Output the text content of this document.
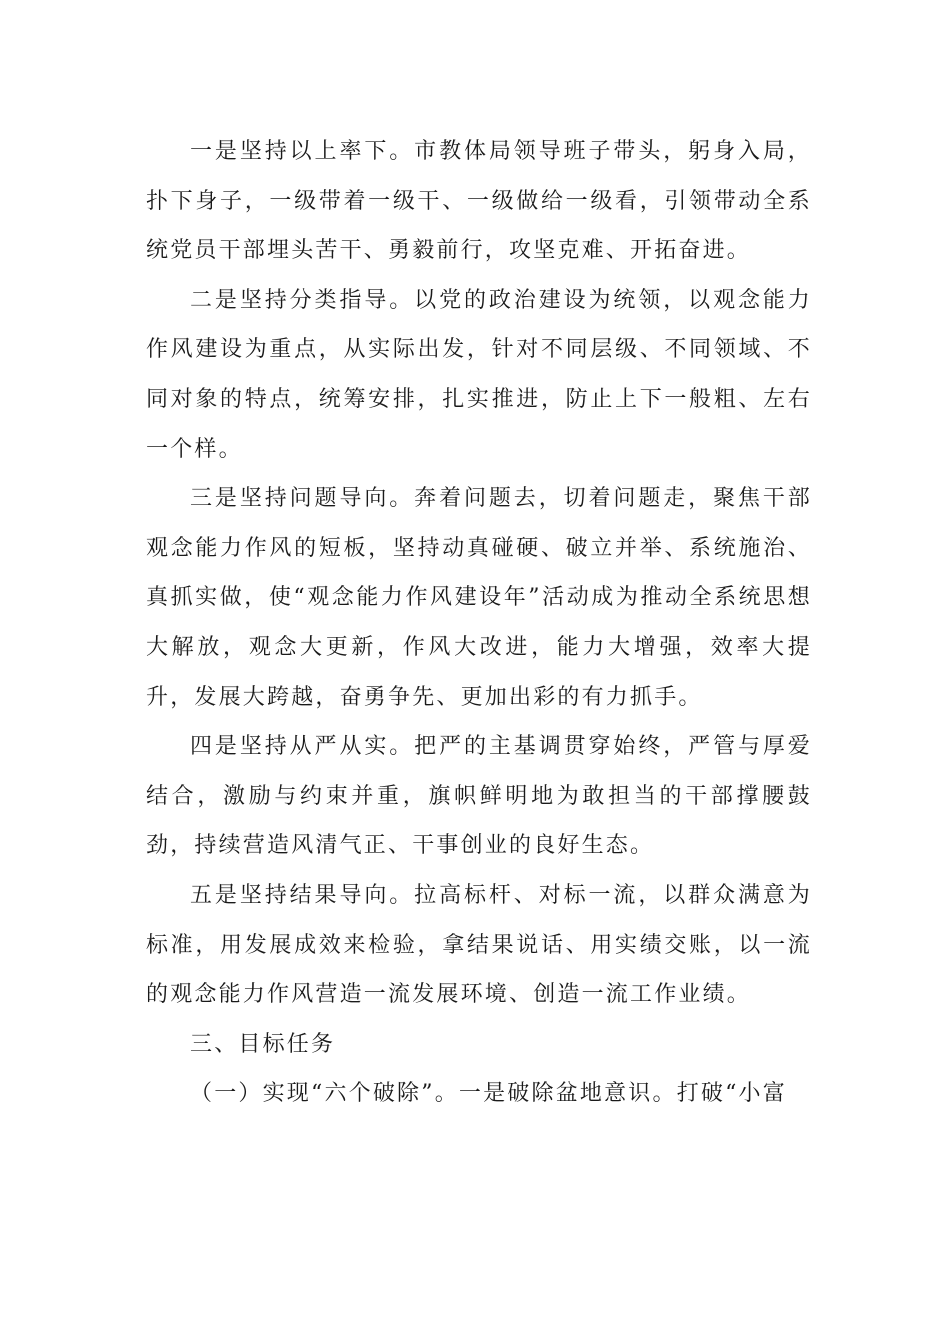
一是坚持以上率下。市教体局领导班子带头，躬身入局，扑下身子，一级带着一级干、一级做给一级看，引领带动全系统党员干部埋头苦干、勇毅前行，攻坚克难、开拓奋进。

二是坚持分类指导。以党的政治建设为统领，以观念能力作风建设为重点，从实际出发，针对不同层级、不同领域、不同对象的特点，统筹安排，扎实推进，防止上下一般粗、左右一个样。

三是坚持问题导向。奔着问题去，切着问题走，聚焦干部观念能力作风的短板，坚持动真碰硬、破立并举、系统施治、真抓实做，使“观念能力作风建设年”活动成为推动全系统思想大解放，观念大更新，作风大改进，能力大增强，效率大提升，发展大跨越，奋勇争先、更加出彩的有力抓手。

四是坚持从严从实。把严的主基调贯穿始终，严管与厚爱结合，激励与约束并重，旗帜鲜明地为敢担当的干部撑腰鼓劲，持续营造风清气正、干事创业的良好生态。

五是坚持结果导向。拉高标杆、对标一流，以群众满意为标准，用发展成效来检验，拿结果说话、用实绩交账，以一流的观念能力作风营造一流发展环境、创造一流工作业绩。

三、目标任务

（一）实现“六个破除”。一是破除盆地意识。打破“小富
